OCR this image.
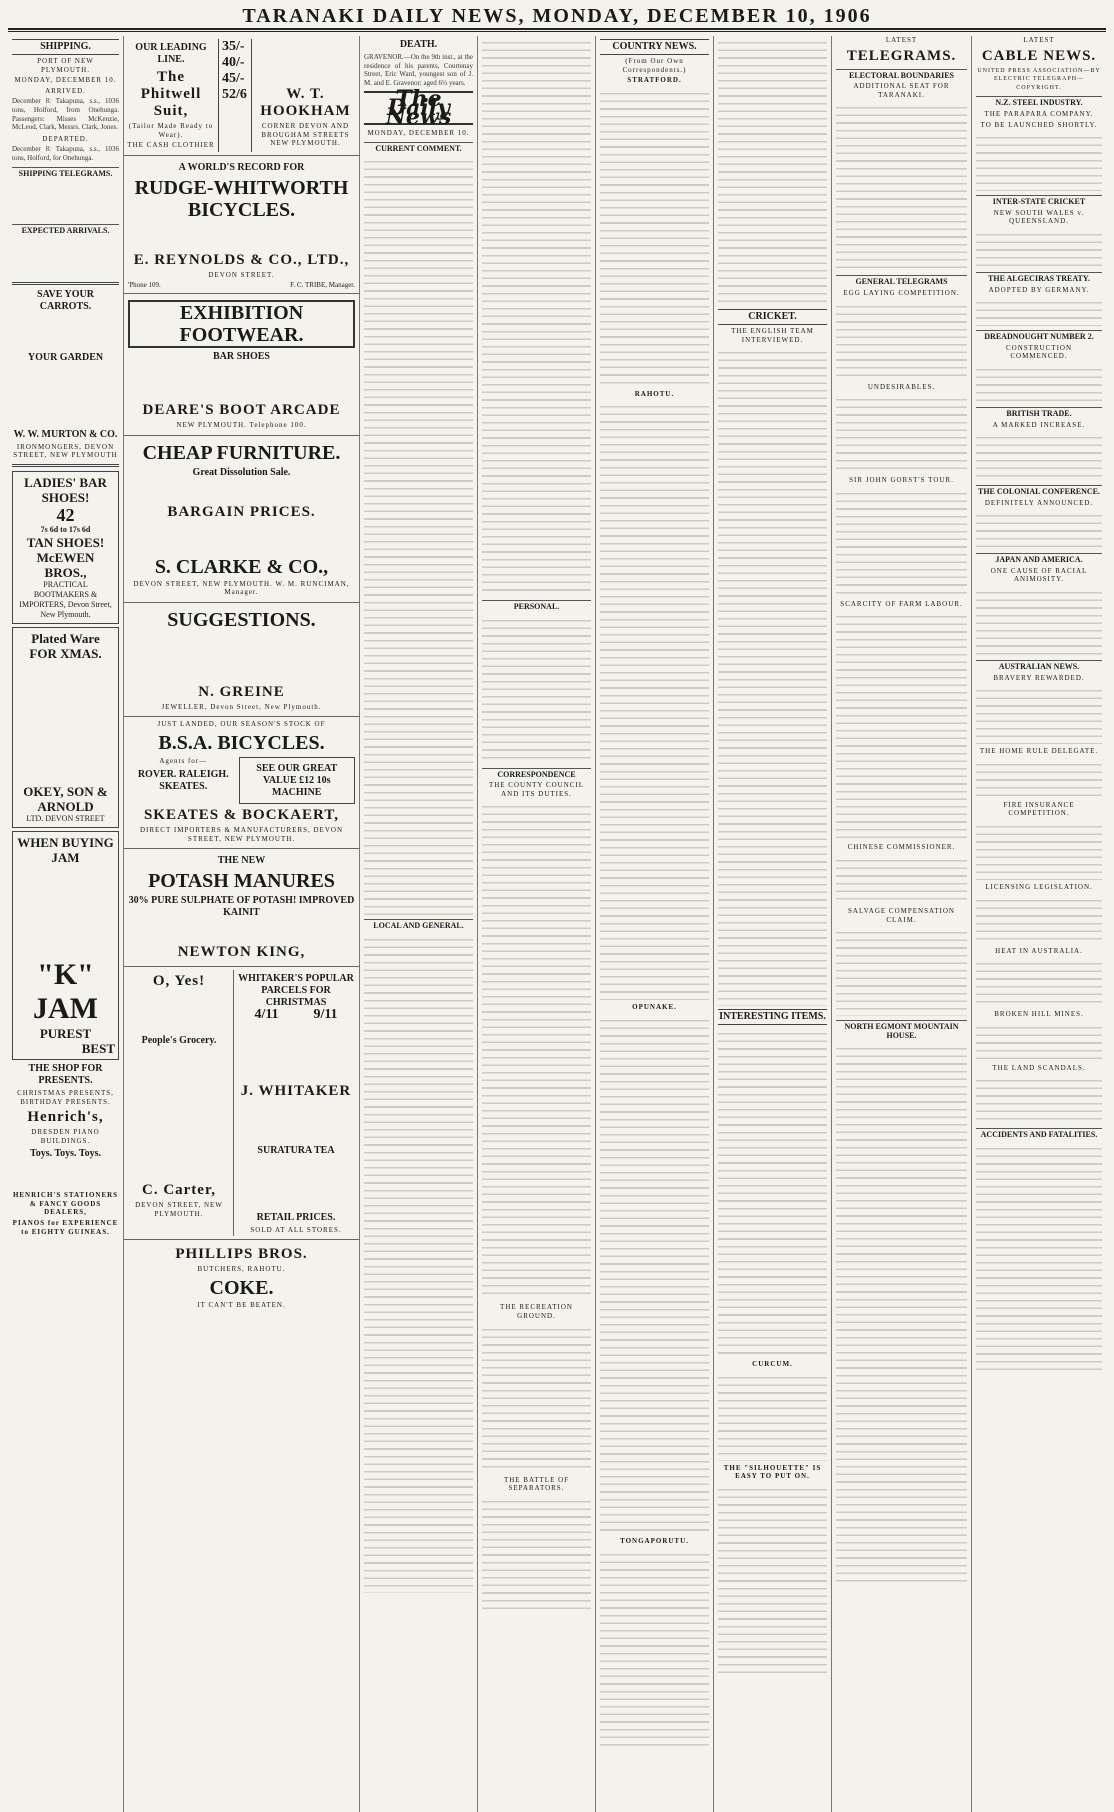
TARANAKI DAILY NEWS, MONDAY, DECEMBER 10, 1906
SHIPPING.
PORT OF NEW PLYMOUTH.
MONDAY, DECEMBER 10.
ARRIVED.
December 8: Takapuna, s.s., 1036 tons, Holford, from Onehunga. Passengers: Misses McKenzie, McLeod, Clark, Messrs. Clark, Jones.
DEPARTED.
December 8: Takapuna, s.s., 1036 tons, Holford, for Onehunga.
SHIPPING TELEGRAMS.
EXPECTED ARRIVALS.
SAVE YOUR CARROTS.
YOUR GARDEN
W. W. MURTON & CO.
IRONMONGERS, DEVON STREET, NEW PLYMOUTH
LADIES' BAR SHOES!
42
7s 6d to 17s 6d
TAN SHOES!
McEWEN BROS.,
PRACTICAL BOOTMAKERS & IMPORTERS, Devon Street, New Plymouth.
Plated Ware FOR XMAS.
OKEY, SON & ARNOLD
LTD. DEVON STREET
WHEN BUYING JAM
"K" JAM
PUREST
BEST
THE SHOP FOR PRESENTS.
CHRISTMAS PRESENTS, BIRTHDAY PRESENTS.
Henrich's,
DRESDEN PIANO BUILDINGS.
Toys. Toys. Toys.
HENRICH'S STATIONERS & FANCY GOODS DEALERS,
PIANOS for EXPERIENCE to EIGHTY GUINEAS.
OUR LEADING LINE.
The Phitwell Suit,
(Tailor Made Ready to Wear).
THE CASH CLOTHIER
35/-
40/-
45/-
52/6	W. T. HOOKHAM
CORNER DEVON AND BROUGHAM STREETS NEW PLYMOUTH.
A WORLD'S RECORD FOR
RUDGE-WHITWORTH BICYCLES.
E. REYNOLDS & CO., LTD.,
DEVON STREET.
'Phone 109.	F. C. TRIBE, Manager.
EXHIBITION FOOTWEAR.
BAR SHOES
DEARE'S BOOT ARCADE
NEW PLYMOUTH. Telephone 100.
CHEAP FURNITURE.
Great Dissolution Sale.
BARGAIN PRICES.
S. CLARKE & CO.,
DEVON STREET, NEW PLYMOUTH. W. M. RUNCIMAN, Manager.
SUGGESTIONS.
N. GREINE
JEWELLER, Devon Street, New Plymouth.
JUST LANDED, OUR SEASON'S STOCK OF
B.S.A. BICYCLES.
Agents for—
ROVER. RALEIGH. SKEATES.
SEE OUR GREAT VALUE £12 10s MACHINE
SKEATES & BOCKAERT,
DIRECT IMPORTERS & MANUFACTURERS, DEVON STREET, NEW PLYMOUTH.
THE NEW
POTASH MANURES
30% PURE SULPHATE OF POTASH! IMPROVED KAINIT
NEWTON KING,
O, Yes!
People's Grocery.
C. Carter,
DEVON STREET, NEW PLYMOUTH.
WHITAKER'S POPULAR PARCELS FOR CHRISTMAS
4/11 9/11
J. WHITAKER
SURATURA TEA
RETAIL PRICES.
SOLD AT ALL STORES.
PHILLIPS BROS.
BUTCHERS, RAHOTU.
COKE.
IT CAN'T BE BEATEN.
DEATH.
GRAVENOR.—On the 9th inst., at the residence of his parents, Courtenay Street, Eric Ward, youngest son of J. M. and E. Gravenor; aged 6½ years.
The Daily News
MONDAY, DECEMBER 10.
CURRENT COMMENT.
LOCAL AND GENERAL.
PERSONAL.
CORRESPONDENCE
THE COUNTY COUNCIL AND ITS DUTIES.
THE RECREATION GROUND.
THE BATTLE OF SEPARATORS.
COUNTRY NEWS.
(From Our Own Correspondents.)
STRATFORD.
RAHOTU.
OPUNAKE.
TONGAPORUTU.
CRICKET.
THE ENGLISH TEAM INTERVIEWED.
INTERESTING ITEMS.
CURCUM.
THE "SILHOUETTE" IS EASY TO PUT ON.
LATEST
TELEGRAMS.
ELECTORAL BOUNDARIES
ADDITIONAL SEAT FOR TARANAKI.
GENERAL TELEGRAMS
EGG LAYING COMPETITION.
UNDESIRABLES.
SIR JOHN GORST'S TOUR.
SCARCITY OF FARM LABOUR.
CHINESE COMMISSIONER.
SALVAGE COMPENSATION CLAIM.
NORTH EGMONT MOUNTAIN HOUSE.
LATEST
CABLE NEWS.
UNITED PRESS ASSOCIATION—BY ELECTRIC TELEGRAPH—COPYRIGHT.
N.Z. STEEL INDUSTRY.
THE PARAPARA COMPANY.
TO BE LAUNCHED SHORTLY.
INTER-STATE CRICKET
NEW SOUTH WALES v. QUEENSLAND.
THE ALGECIRAS TREATY.
ADOPTED BY GERMANY.
DREADNOUGHT NUMBER 2.
CONSTRUCTION COMMENCED.
BRITISH TRADE.
A MARKED INCREASE.
THE COLONIAL CONFERENCE.
DEFINITELY ANNOUNCED.
JAPAN AND AMERICA.
ONE CAUSE OF RACIAL ANIMOSITY.
AUSTRALIAN NEWS.
BRAVERY REWARDED.
THE HOME RULE DELEGATE.
FIRE INSURANCE COMPETITION.
LICENSING LEGISLATION.
HEAT IN AUSTRALIA.
BROKEN HILL MINES.
THE LAND SCANDALS.
ACCIDENTS AND FATALITIES.
